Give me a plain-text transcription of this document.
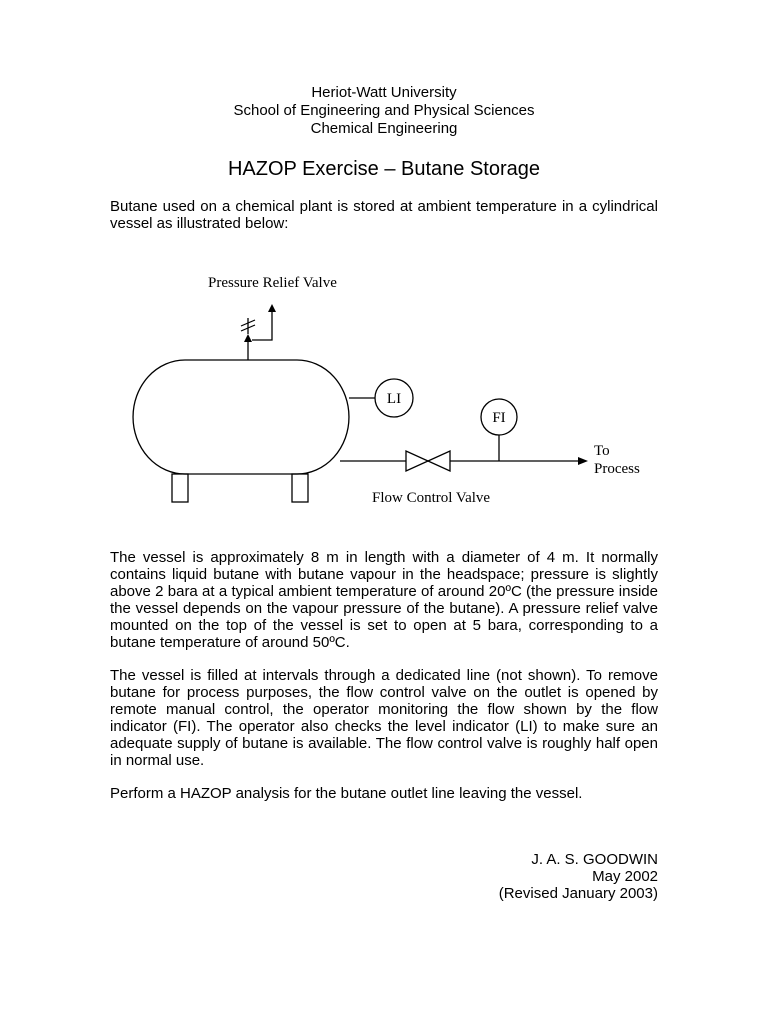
Heriot-Watt University
School of Engineering and Physical Sciences
Chemical Engineering
HAZOP Exercise – Butane Storage
Butane used on a chemical plant is stored at ambient temperature in a cylindrical vessel as illustrated below:
Pressure Relief Valve
LI
Flow Control Valve
FI
To
Process
The vessel is approximately 8 m in length with a diameter of 4 m. It normally contains liquid butane with butane vapour in the headspace; pressure is slightly above 2 bara at a typical ambient temperature of around 20ºC (the pressure inside the vessel depends on the vapour pressure of the butane). A pressure relief valve mounted on the top of the vessel is set to open at 5 bara, corresponding to a butane temperature of around 50ºC.
The vessel is filled at intervals through a dedicated line (not shown). To remove butane for process purposes, the flow control valve on the outlet is opened by remote manual control, the operator monitoring the flow shown by the flow indicator (FI). The operator also checks the level indicator (LI) to make sure an adequate supply of butane is available. The flow control valve is roughly half open in normal use.
Perform a HAZOP analysis for the butane outlet line leaving the vessel.
J. A. S. GOODWIN
May 2002
(Revised January 2003)
